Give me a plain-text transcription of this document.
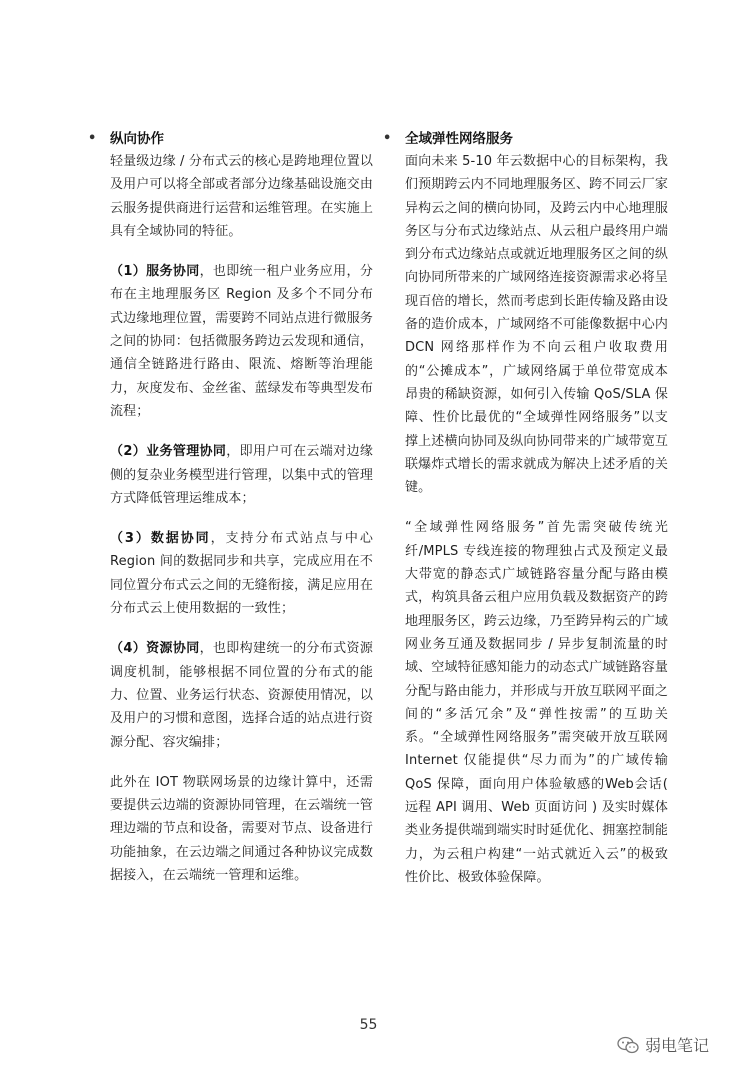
• 纵向协作

轻量级边缘 / 分布式云的核心是跨地理位置以及用户可以将全部或者部分边缘基础设施交由云服务提供商进行运营和运维管理。在实施上具有全域协同的特征。

（1）服务协同，也即统一租户业务应用，分布在主地理服务区 Region 及多个不同分布式边缘地理位置，需要跨不同站点进行微服务之间的协同：包括微服务跨边云发现和通信，通信全链路进行路由、限流、熔断等治理能力，灰度发布、金丝雀、蓝绿发布等典型发布流程；

（2）业务管理协同，即用户可在云端对边缘侧的复杂业务模型进行管理，以集中式的管理方式降低管理运维成本；

（3）数据协同，支持分布式站点与中心 Region 间的数据同步和共享，完成应用在不同位置分布式云之间的无缝衔接，满足应用在分布式云上使用数据的一致性；

（4）资源协同，也即构建统一的分布式资源调度机制，能够根据不同位置的分布式的能力、位置、业务运行状态、资源使用情况，以及用户的习惯和意图，选择合适的站点进行资源分配、容灾编排；

此外在 IOT 物联网场景的边缘计算中，还需要提供云边端的资源协同管理，在云端统一管理边端的节点和设备，需要对节点、设备进行功能抽象，在云边端之间通过各种协议完成数据接入，在云端统一管理和运维。

• 全域弹性网络服务

面向未来 5-10 年云数据中心的目标架构，我们预期跨云内不同地理服务区、跨不同云厂家异构云之间的横向协同，及跨云内中心地理服务区与分布式边缘站点、从云租户最终用户端到分布式边缘站点或就近地理服务区之间的纵向协同所带来的广域网络连接资源需求必将呈现百倍的增长，然而考虑到长距传输及路由设备的造价成本，广域网络不可能像数据中心内 DCN 网络那样作为不向云租户收取费用的“公摊成本”，广域网络属于单位带宽成本昂贵的稀缺资源，如何引入传输 QoS/SLA 保障、性价比最优的“全域弹性网络服务”以支撑上述横向协同及纵向协同带来的广域带宽互联爆炸式增长的需求就成为解决上述矛盾的关键。

“全域弹性网络服务”首先需突破传统光纤/MPLS 专线连接的物理独占式及预定义最大带宽的静态式广域链路容量分配与路由模式，构筑具备云租户应用负载及数据资产的跨地理服务区，跨云边缘，乃至跨异构云的广域网业务互通及数据同步 / 异步复制流量的时域、空域特征感知能力的动态式广域链路容量分配与路由能力，并形成与开放互联网平面之间的“多活冗余”及“弹性按需”的互助关系。“全域弹性网络服务”需突破开放互联网 Internet 仅能提供“尽力而为”的广域传输 QoS 保障，面向用户体验敏感的Web会话( 远程 API 调用、Web 页面访问 ) 及实时媒体类业务提供端到端实时时延优化、拥塞控制能力，为云租户构建“一站式就近入云”的极致性价比、极致体验保障。

55
弱电笔记
